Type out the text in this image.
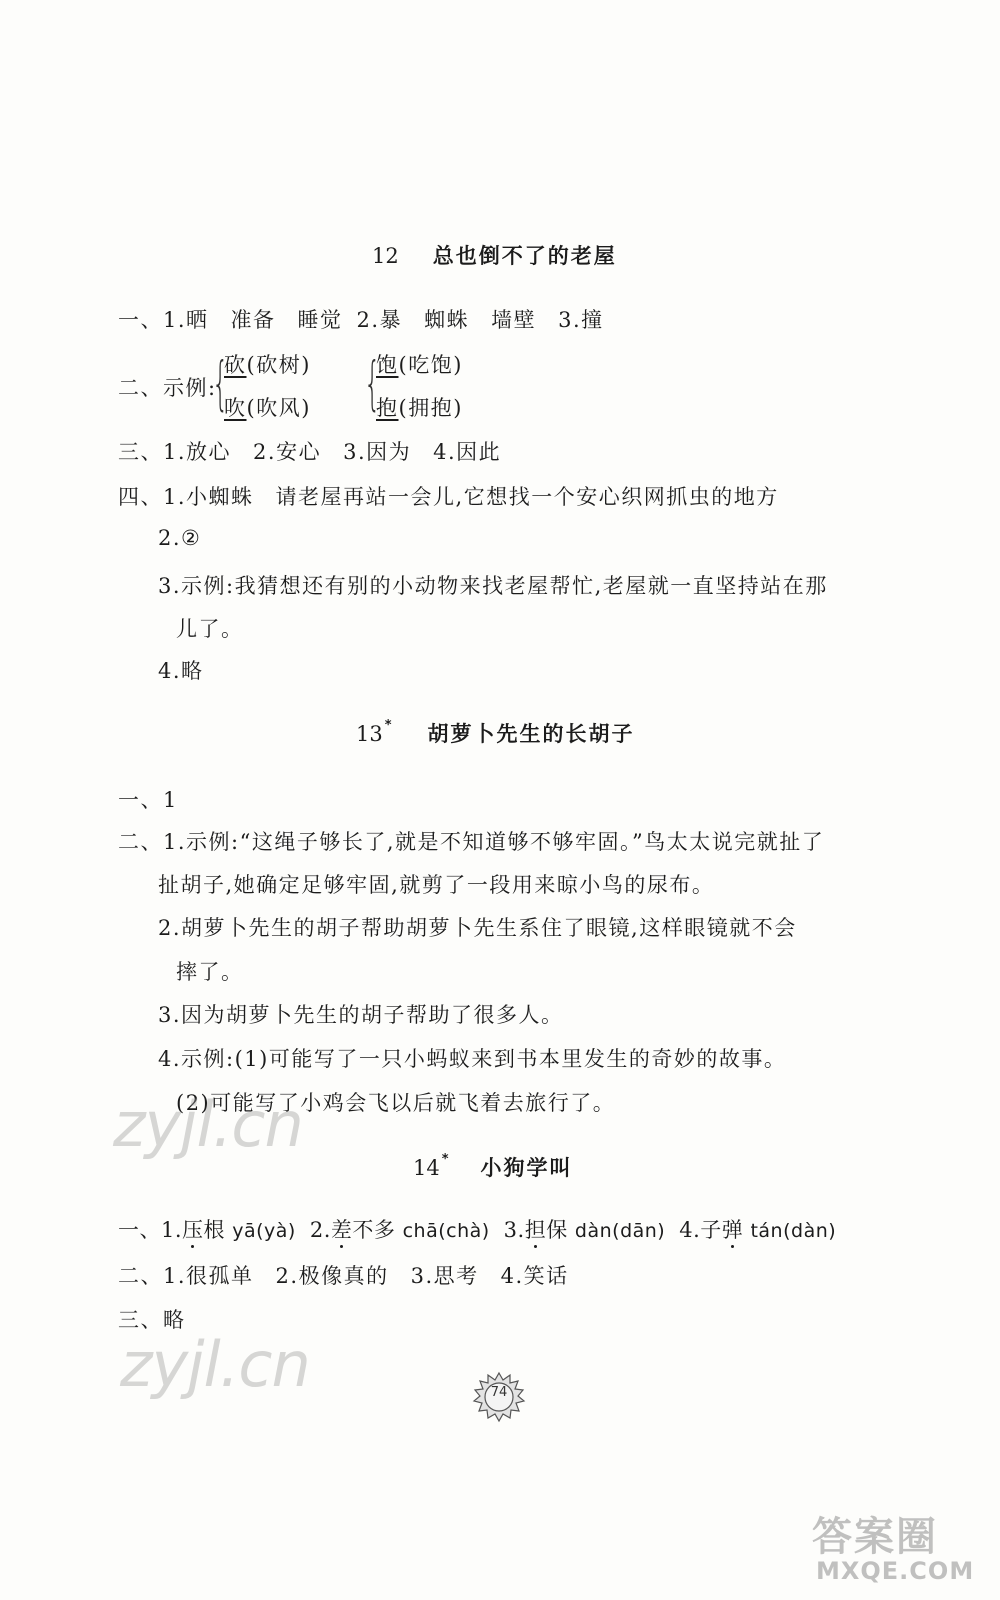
12 总也倒不了的老屋
一、1.晒 准备 睡觉 2.暴 蜘蛛 墙壁 3.撞
二、示例:
{
砍(砍树)
吹(吹风) {
饱(吃饱)
抱(拥抱)
三、1.放心 2.安心 3.因为 4.因此
四、1.小蜘蛛 请老屋再站一会儿,它想找一个安心织网抓虫的地方
2.②
3.示例:我猜想还有别的小动物来找老屋帮忙,老屋就一直坚持站在那
儿了。
4.略
13 * 胡萝卜先生的长胡子
一、1
二、1.示例:“这绳子够长了,就是不知道够不够牢固。”鸟太太说完就扯了
扯胡子,她确定足够牢固,就剪了一段用来晾小鸟的尿布。
2.胡萝卜先生的胡子帮助胡萝卜先生系住了眼镜,这样眼镜就不会
摔了。
3.因为胡萝卜先生的胡子帮助了很多人。
4.示例:(1)可能写了一只小蚂蚁来到书本里发生的奇妙的故事。
(2)可能写了小鸡会飞以后就飞着去旅行了。
zyjl.cn
14 * 小狗学叫
一、1.压根 yā(yà) 2.差不多 chā(chà) 3.担保 dàn(dān) 4.子弹 tán(dàn)
二、1.很孤单 2.极像真的 3.思考 4.笑话
三、略
zyjl.cn	74
答案圈
MXQE.COM
